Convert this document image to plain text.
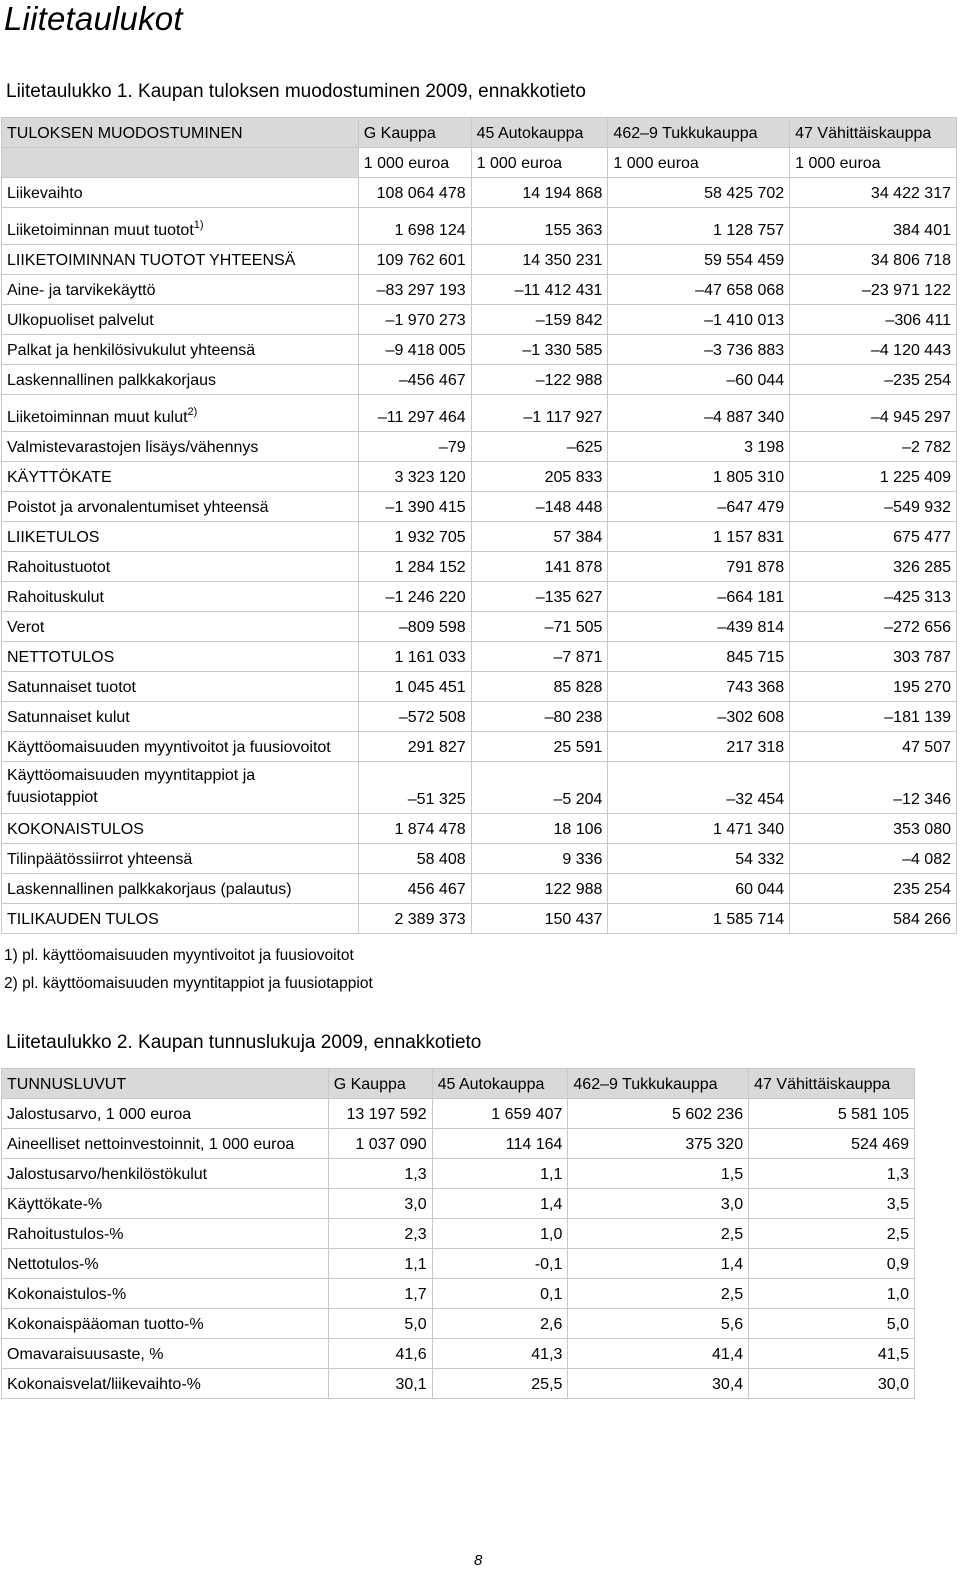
Liitetaulukot
Liitetaulukko 1. Kaupan tuloksen muodostuminen 2009, ennakkotieto
TULOKSEN MUODOSTUMINEN	G Kauppa	45 Autokauppa	462–9 Tukkukauppa	47 Vähittäiskauppa
	1 000 euroa	1 000 euroa	1 000 euroa	1 000 euroa
Liikevaihto	108 064 478	14 194 868	58 425 702	34 422 317
Liiketoiminnan muut tuotot$^{1)}$	1 698 124	155 363	1 128 757	384 401
LIIKETOIMINNAN TUOTOT YHTEENSÄ	109 762 601	14 350 231	59 554 459	34 806 718
Aine- ja tarvikekäyttö	–83 297 193	–11 412 431	–47 658 068	–23 971 122
Ulkopuoliset palvelut	–1 970 273	–159 842	–1 410 013	–306 411
Palkat ja henkilösivukulut yhteensä	–9 418 005	–1 330 585	–3 736 883	–4 120 443
Laskennallinen palkkakorjaus	–456 467	–122 988	–60 044	–235 254
Liiketoiminnan muut kulut$^{2)}$	–11 297 464	–1 117 927	–4 887 340	–4 945 297
Valmistevarastojen lisäys/vähennys	–79	–625	3 198	–2 782
KÄYTTÖKATE	3 323 120	205 833	1 805 310	1 225 409
Poistot ja arvonalentumiset yhteensä	–1 390 415	–148 448	–647 479	–549 932
LIIKETULOS	1 932 705	57 384	1 157 831	675 477
Rahoitustuotot	1 284 152	141 878	791 878	326 285
Rahoituskulut	–1 246 220	–135 627	–664 181	–425 313
Verot	–809 598	–71 505	–439 814	–272 656
NETTOTULOS	1 161 033	–7 871	845 715	303 787
Satunnaiset tuotot	1 045 451	85 828	743 368	195 270
Satunnaiset kulut	–572 508	–80 238	–302 608	–181 139
Käyttöomaisuuden myyntivoitot ja fuusiovoitot	291 827	25 591	217 318	47 507
Käyttöomaisuuden myyntitappiot ja fuusiotappiot	–51 325	–5 204	–32 454	–12 346
KOKONAISTULOS	1 874 478	18 106	1 471 340	353 080
Tilinpäätössiirrot yhteensä	58 408	9 336	54 332	–4 082
Laskennallinen palkkakorjaus (palautus)	456 467	122 988	60 044	235 254
TILIKAUDEN TULOS	2 389 373	150 437	1 585 714	584 266
1) pl. käyttöomaisuuden myyntivoitot ja fuusiovoitot
2) pl. käyttöomaisuuden myyntitappiot ja fuusiotappiot
Liitetaulukko 2. Kaupan tunnuslukuja 2009, ennakkotieto
TUNNUSLUVUT	G Kauppa	45 Autokauppa	462–9 Tukkukauppa	47 Vähittäiskauppa
Jalostusarvo, 1 000 euroa	13 197 592	1 659 407	5 602 236	5 581 105
Aineelliset nettoinvestoinnit, 1 000 euroa	1 037 090	114 164	375 320	524 469
Jalostusarvo/henkilöstökulut	1,3	1,1	1,5	1,3
Käyttökate-%	3,0	1,4	3,0	3,5
Rahoitustulos-%	2,3	1,0	2,5	2,5
Nettotulos-%	1,1	-0,1	1,4	0,9
Kokonaistulos-%	1,7	0,1	2,5	1,0
Kokonaispääoman tuotto-%	5,0	2,6	5,6	5,0
Omavaraisuusaste, %	41,6	41,3	41,4	41,5
Kokonaisvelat/liikevaihto-%	30,1	25,5	30,4	30,0
8
